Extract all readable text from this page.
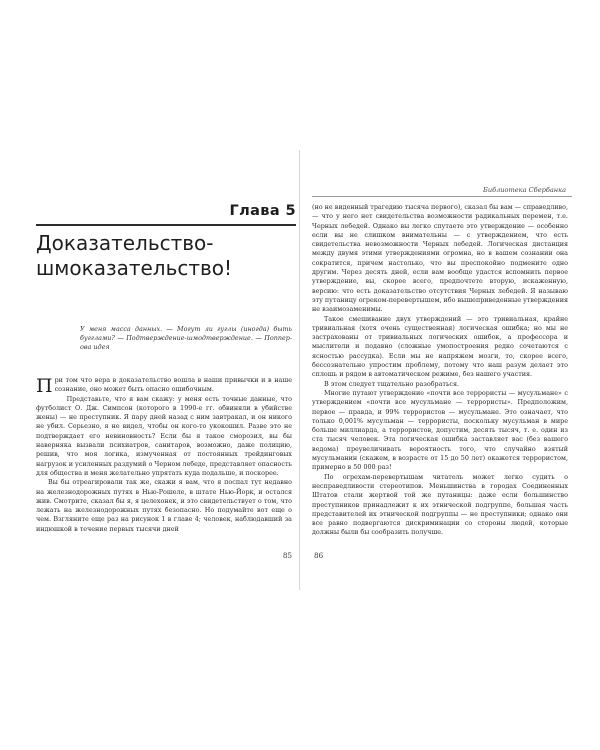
Глава 5
Доказательство-шмоказательство!

У меня масса данных. — Могут ли гуглы (иногда) быть бугглами? — Подтверждение-шмодтверждение. — Поппер-ова идея

При том что вера в доказательство вошла в наши привычки и в наше сознание, оно может быть опасно ошибочным.

Представьте, что я вам скажу: у меня есть точные данные, что футболист О. Дж. Симпсон (которого в 1990-е гг. обвиняли в убийстве жены) — не преступник. Я пару дней назад с ним завтракал, и он никого не убил. Серьезно, я не видел, чтобы он кого-то укокошил. Разве это не подтверждает его невиновность? Если бы я такое сморозил, вы бы наверняка вызвали психиатров, санитаров, возможно, даже полицию, решив, что моя логика, измученная от постоянных трейдинговых нагрузок и усиленных раздумий о Черном лебеде, представляет опасность для общества и меня желательно упрятать куда подальше, и поскорее.

Вы бы отреагировали так же, скажи я вам, что я поспал тут недавно на железнодорожных путях в Нью-Рошеле, в штате Нью-Йорк, и остался жив. Смотрите, сказал бы я, я целехонек, и это свидетельствует о том, что лежать на железнодорожных путях безопасно. Но подумайте вот еще о чем. Взгляните еще раз на рисунок 1 в главе 4; человек, наблюдавший за индюшкой в течение первых тысячи дней

85
Библиотека Сбербанка

(но не виденный трагедию тысяча первого), сказал бы вам — справедливо, — что у него нет свидетельства возможности радикальных перемен, т.е. Черных лебедей. Однако вы легко спутаете это утверждение — особенно если вы не слишком внимательны — с утверждением, что есть свидетельства невозможности Черных лебедей. Логическая дистанция между двумя этими утверждениями огромна, но в вашем сознании она сократится, причем настолько, что вы преспокойно подмените одно другим. Через десять дней, если вам вообще удастся вспомнить первое утверждение, вы, скорее всего, предпочтете вторую, искаженную, версию: что есть доказательство отсутствия Черных лебедей. Я называю эту путаницу огреком-перевертышем, ибо вышеприведенные утверждения не взаимозаменимы.

Такое смешивание двух утверждений — это тривиальная, крайне тривиальная (хотя очень существенная) логическая ошибка; но мы не застрахованы от тривиальных логических ошибок, а профессора и мыслители и подавно (сложные умопостроения редко сочетаются с ясностью рассудка). Если мы не напряжем мозги, то, скорее всего, бессознательно упростим проблему, потому что наш разум делает это сплошь и рядом в автоматическом режиме, без нашего участия.

В этом следует тщательно разобраться.

Многие путают утверждение «почти все террористы — мусульмане» с утверждением «почти все мусульмане — террористы». Предположим, первое — правда, и 99% террористов — мусульмане. Это означает, что только 0,001% мусульман — террористы, поскольку мусульман в мире больше миллиарда, а террористов, допустим, десять тысяч, т. е. один из ста тысяч человек. Эта логическая ошибка заставляет вас (без вашего ведома) преувеличивать вероятность того, что случайно взятый мусульманин (скажем, в возрасте от 15 до 50 лет) окажется террористом, примерно в 50 000 раз!

По огрехам-перевертышам читатель может легко судить о несправедливости стереотипов. Меньшинства в городах Соединенных Штатов стали жертвой той же путаницы: даже если большинство преступников принадлежит к их этнической подгруппе, большая часть представителей их этнической подгруппы — не преступники; однако они все равно подвергаются дискриминации со стороны людей, которые должны были бы сообразить получше.

86
